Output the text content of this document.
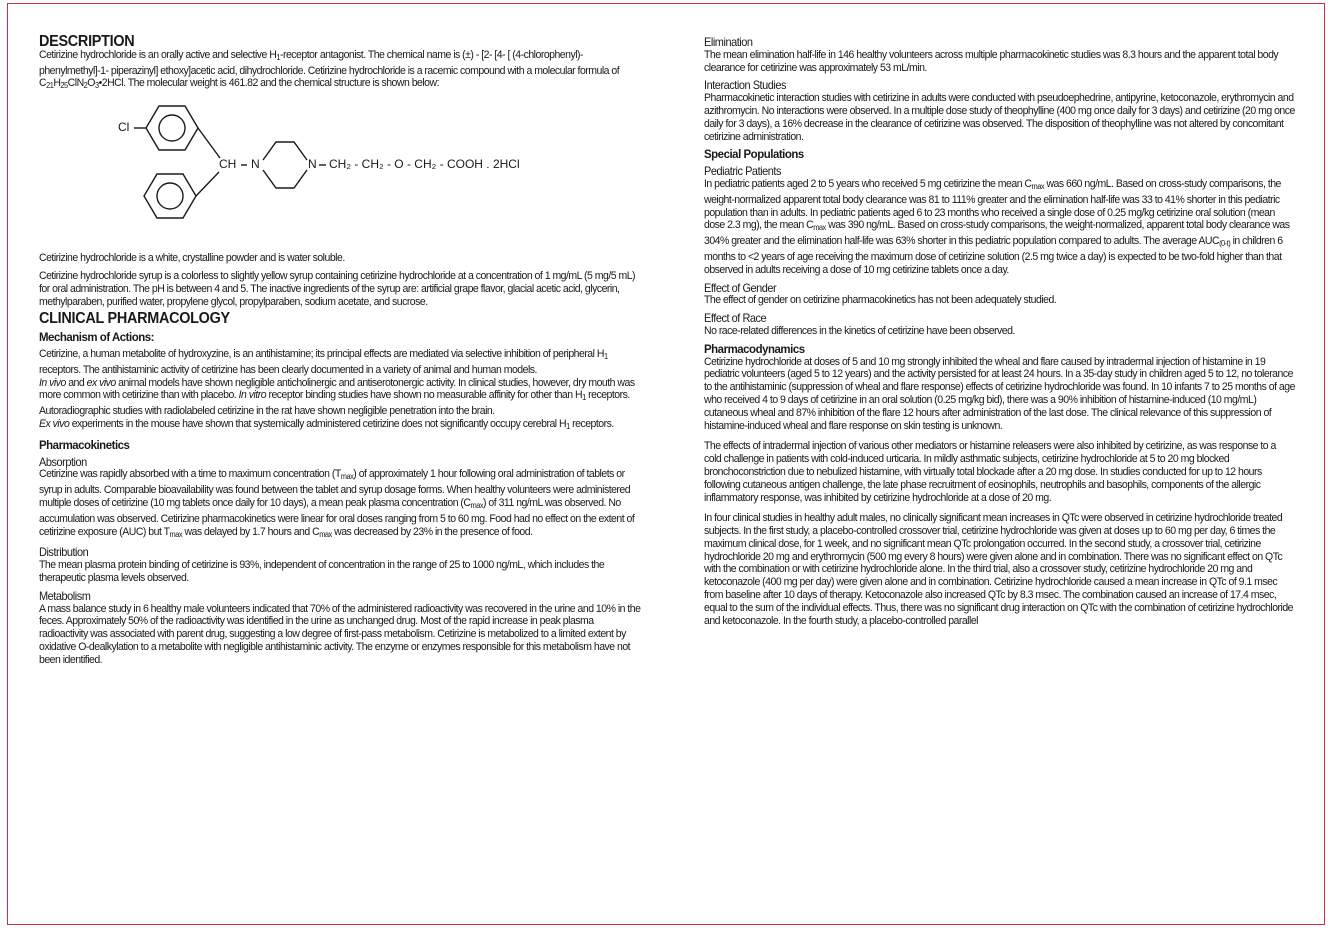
DESCRIPTION

Cetirizine hydrochloride is an orally active and selective $H_1$-receptor antagonist. The chemical name is (±) - [2- [4- [ (4-chlorophenyl)-phenylmethyl]-1- piperazinyl] ethoxy]acetic acid, dihydrochloride. Cetirizine hydrochloride is a racemic compound with a molecular formula of $C_{21}H_{25}ClN_2O_3•2HCl$. The molecular weight is 461.82 and the chemical structure is shown below:

Cl
CH N	N CH₂ - CH₂ - O - CH₂ - COOH . 2HCl

Cetirizine hydrochloride is a white, crystalline powder and is water soluble.

Cetirizine hydrochloride syrup is a colorless to slightly yellow syrup containing cetirizine hydrochloride at a concentration of 1 mg/mL (5 mg/5 mL) for oral administration. The pH is between 4 and 5. The inactive ingredients of the syrup are: artificial grape flavor, glacial acetic acid, glycerin, methylparaben, purified water, propylene glycol, propylparaben, sodium acetate, and sucrose.

CLINICAL PHARMACOLOGY
Mechanism of Actions:

Cetirizine, a human metabolite of hydroxyzine, is an antihistamine; its principal effects are mediated via selective inhibition of peripheral $H_1$ receptors. The antihistaminic activity of cetirizine has been clearly documented in a variety of animal and human models.
In vivo and ex vivo animal models have shown negligible anticholinergic and antiserotonergic activity. In clinical studies, however, dry mouth was more common with cetirizine than with placebo. In vitro receptor binding studies have shown no measurable affinity for other than $H_1$ receptors. Autoradiographic studies with radiolabeled cetirizine in the rat have shown negligible penetration into the brain.
Ex vivo experiments in the mouse have shown that systemically administered cetirizine does not significantly occupy cerebral $H_1$ receptors.

Pharmacokinetics
Absorption

Cetirizine was rapidly absorbed with a time to maximum concentration $(T_{max})$ of approximately 1 hour following oral administration of tablets or syrup in adults. Comparable bioavailability was found between the tablet and syrup dosage forms. When healthy volunteers were administered multiple doses of cetirizine (10 mg tablets once daily for 10 days), a mean peak plasma concentration $(C_{max})$ of 311 ng/mL was observed. No accumulation was observed. Cetirizine pharmacokinetics were linear for oral doses ranging from 5 to 60 mg. Food had no effect on the extent of cetirizine exposure (AUC) but $T_{max}$ was delayed by 1.7 hours and $C_{max}$ was decreased by 23% in the presence of food.

Distribution

The mean plasma protein binding of cetirizine is 93%, independent of concentration in the range of 25 to 1000 ng/mL, which includes the therapeutic plasma levels observed.

Metabolism

A mass balance study in 6 healthy male volunteers indicated that 70% of the administered radioactivity was recovered in the urine and 10% in the feces. Approximately 50% of the radioactivity was identified in the urine as unchanged drug. Most of the rapid increase in peak plasma radioactivity was associated with parent drug, suggesting a low degree of first-pass metabolism. Cetirizine is metabolized to a limited extent by oxidative O-dealkylation to a metabolite with negligible antihistaminic activity. The enzyme or enzymes responsible for this metabolism have not been identified.

Elimination

The mean elimination half-life in 146 healthy volunteers across multiple pharmacokinetic studies was 8.3 hours and the apparent total body clearance for cetirizine was approximately 53 mL/min.

Interaction Studies

Pharmacokinetic interaction studies with cetirizine in adults were conducted with pseudoephedrine, antipyrine, ketoconazole, erythromycin and azithromycin. No interactions were observed. In a multiple dose study of theophylline (400 mg once daily for 3 days) and cetirizine (20 mg once daily for 3 days), a 16% decrease in the clearance of cetirizine was observed. The disposition of theophylline was not altered by concomitant cetirizine administration.

Special Populations
Pediatric Patients

In pediatric patients aged 2 to 5 years who received 5 mg cetirizine the mean $C_{max}$ was 660 ng/mL. Based on cross-study comparisons, the weight-normalized apparent total body clearance was 81 to 111% greater and the elimination half-life was 33 to 41% shorter in this pediatric population than in adults. In pediatric patients aged 6 to 23 months who received a single dose of 0.25 mg/kg cetirizine oral solution (mean dose 2.3 mg), the mean $C_{max}$ was 390 ng/mL. Based on cross-study comparisons, the weight-normalized, apparent total body clearance was 304% greater and the elimination half-life was 63% shorter in this pediatric population compared to adults. The average $AUC_{(0-t)}$ in children 6 months to <2 years of age receiving the maximum dose of cetirizine solution (2.5 mg twice a day) is expected to be two-fold higher than that observed in adults receiving a dose of 10 mg cetirizine tablets once a day.

Effect of Gender

The effect of gender on cetirizine pharmacokinetics has not been adequately studied.

Effect of Race

No race-related differences in the kinetics of cetirizine have been observed.

Pharmacodynamics

Cetirizine hydrochloride at doses of 5 and 10 mg strongly inhibited the wheal and flare caused by intradermal injection of histamine in 19 pediatric volunteers (aged 5 to 12 years) and the activity persisted for at least 24 hours. In a 35-day study in children aged 5 to 12, no tolerance to the antihistaminic (suppression of wheal and flare response) effects of cetirizine hydrochloride was found. In 10 infants 7 to 25 months of age who received 4 to 9 days of cetirizine in an oral solution (0.25 mg/kg bid), there was a 90% inhibition of histamine-induced (10 mg/mL) cutaneous wheal and 87% inhibition of the flare 12 hours after administration of the last dose. The clinical relevance of this suppression of histamine-induced wheal and flare response on skin testing is unknown.

The effects of intradermal injection of various other mediators or histamine releasers were also inhibited by cetirizine, as was response to a cold challenge in patients with cold-induced urticaria. In mildly asthmatic subjects, cetirizine hydrochloride at 5 to 20 mg blocked bronchoconstriction due to nebulized histamine, with virtually total blockade after a 20 mg dose. In studies conducted for up to 12 hours following cutaneous antigen challenge, the late phase recruitment of eosinophils, neutrophils and basophils, components of the allergic inflammatory response, was inhibited by cetirizine hydrochloride at a dose of 20 mg.

In four clinical studies in healthy adult males, no clinically significant mean increases in QTc were observed in cetirizine hydrochloride treated subjects. In the first study, a placebo-controlled crossover trial, cetirizine hydrochloride was given at doses up to 60 mg per day, 6 times the maximum clinical dose, for 1 week, and no significant mean QTc prolongation occurred. In the second study, a crossover trial, cetirizine hydrochloride 20 mg and erythromycin (500 mg every 8 hours) were given alone and in combination. There was no significant effect on QTc with the combination or with cetirizine hydrochloride alone. In the third trial, also a crossover study, cetirizine hydrochloride 20 mg and ketoconazole (400 mg per day) were given alone and in combination. Cetirizine hydrochloride caused a mean increase in QTc of 9.1 msec from baseline after 10 days of therapy. Ketoconazole also increased QTc by 8.3 msec. The combination caused an increase of 17.4 msec, equal to the sum of the individual effects. Thus, there was no significant drug interaction on QTc with the combination of cetirizine hydrochloride and ketoconazole. In the fourth study, a placebo-controlled parallel
